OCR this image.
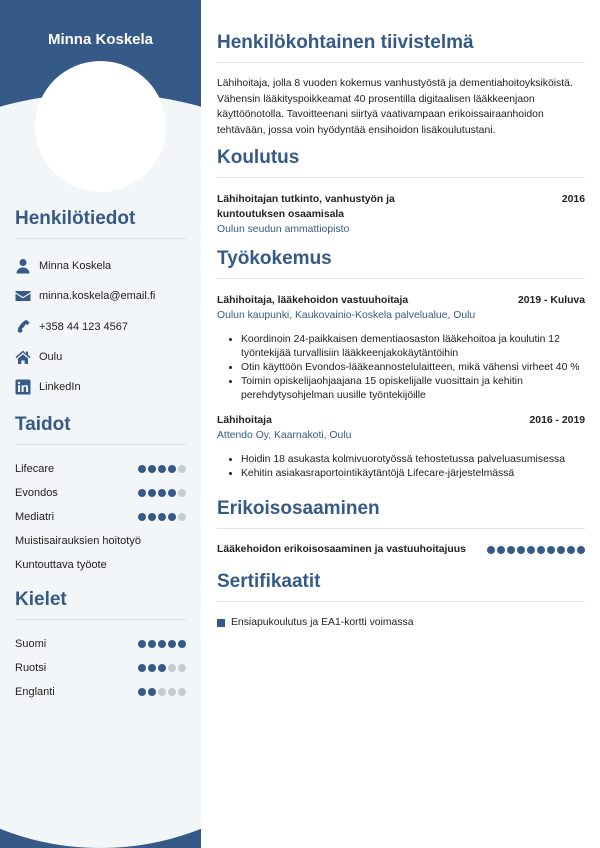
Minna Koskela
Henkilötiedot
Minna Koskela
minna.koskela@email.fi
+358 44 123 4567
Oulu
LinkedIn
Taidot
Lifecare
Evondos
Mediatri
Muistisairauksien hoitotyö
Kuntouttava työote
Kielet
Suomi
Ruotsi
Englanti
Henkilökohtainen tiivistelmä

Lähihoitaja, jolla 8 vuoden kokemus vanhustyöstä ja dementiahoitoyksiköistä. Vähensin lääkityspoikkeamat 40 prosentilla digitaalisen lääkkeenjaon käyttöönotolla. Tavoitteenani siirtyä vaativampaan erikoissairaanhoidon tehtävään, jossa voin hyödyntää ensihoidon lisäkoulutustani.

Koulutus
Lähihoitajan tutkinto, vanhustyön ja kuntoutuksen osaamisala
2016
Oulun seudun ammattiopisto
Työkokemus
Lähihoitaja, lääkehoidon vastuuhoitaja	2019 - Kuluva
Oulun kaupunki, Kaukovainio-Koskela palvelualue, Oulu
• Koordinoin 24-paikkaisen dementiaosaston lääkehoitoa ja koulutin 12 työntekijää turvallisiin lääkkeenjakokäytäntöihin
• Otin käyttöön Evondos-lääkeannostelulaitteen, mikä vähensi virheet 40 %
• Toimin opiskelijaohjaajana 15 opiskelijalle vuosittain ja kehitin perehdytysohjelman uusille työntekijöille
Lähihoitaja	2016 - 2019
Attendo Oy, Kaarnakoti, Oulu
• Hoidin 18 asukasta kolmivuorotyössä tehostetussa palveluasumisessa
• Kehitin asiakasraportointikäytäntöjä Lifecare-järjestelmässä
Erikoisosaaminen
Lääkehoidon erikoisosaaminen ja vastuuhoitajuus
Sertifikaatit
Ensiapukoulutus ja EA1-kortti voimassa
